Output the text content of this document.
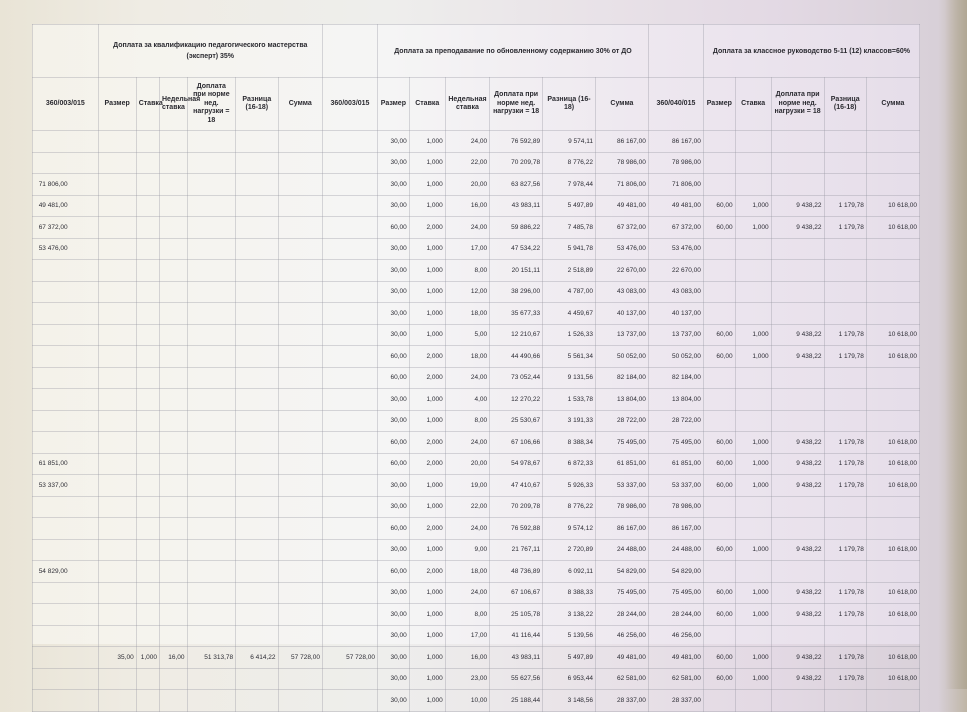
	Доплата за квалификацию педагогического мастерства (эксперт) 35%							Доплата за преподавание по обновленному содержанию 30% от ДО							Доплата за классное руководство 5-11 (12) классов=60%				
360/003/015	Размер	Ставка	Недельная ставка	Доплата при норме нед. нагрузки = 18	Разница (16-18)	Сумма	360/003/015	Размер	Ставка	Недельная ставка	Доплата при норме нед. нагрузки = 18	Разница (16-18)	Сумма	360/040/015	Размер	Ставка	Доплата при норме нед. нагрузки = 18	Разница (16-18)	Сумма
								30,00	1,000	24,00	76 592,89	9 574,11	86 167,00	86 167,00					
								30,00	1,000	22,00	70 209,78	8 776,22	78 986,00	78 986,00					
71 806,00								30,00	1,000	20,00	63 827,56	7 978,44	71 806,00	71 806,00					
49 481,00								30,00	1,000	16,00	43 983,11	5 497,89	49 481,00	49 481,00	60,00	1,000	9 438,22	1 179,78	10 618,00
67 372,00								60,00	2,000	24,00	59 886,22	7 485,78	67 372,00	67 372,00	60,00	1,000	9 438,22	1 179,78	10 618,00
53 476,00								30,00	1,000	17,00	47 534,22	5 941,78	53 476,00	53 476,00					
								30,00	1,000	8,00	20 151,11	2 518,89	22 670,00	22 670,00					
								30,00	1,000	12,00	38 296,00	4 787,00	43 083,00	43 083,00					
								30,00	1,000	18,00	35 677,33	4 459,67	40 137,00	40 137,00					
								30,00	1,000	5,00	12 210,67	1 526,33	13 737,00	13 737,00	60,00	1,000	9 438,22	1 179,78	10 618,00
								60,00	2,000	18,00	44 490,66	5 561,34	50 052,00	50 052,00	60,00	1,000	9 438,22	1 179,78	10 618,00
								60,00	2,000	24,00	73 052,44	9 131,56	82 184,00	82 184,00					
								30,00	1,000	4,00	12 270,22	1 533,78	13 804,00	13 804,00					
								30,00	1,000	8,00	25 530,67	3 191,33	28 722,00	28 722,00					
								60,00	2,000	24,00	67 106,66	8 388,34	75 495,00	75 495,00	60,00	1,000	9 438,22	1 179,78	10 618,00
61 851,00								60,00	2,000	20,00	54 978,67	6 872,33	61 851,00	61 851,00	60,00	1,000	9 438,22	1 179,78	10 618,00
53 337,00								30,00	1,000	19,00	47 410,67	5 926,33	53 337,00	53 337,00	60,00	1,000	9 438,22	1 179,78	10 618,00
								30,00	1,000	22,00	70 209,78	8 776,22	78 986,00	78 986,00					
								60,00	2,000	24,00	76 592,88	9 574,12	86 167,00	86 167,00					
								30,00	1,000	9,00	21 767,11	2 720,89	24 488,00	24 488,00	60,00	1,000	9 438,22	1 179,78	10 618,00
54 829,00								60,00	2,000	18,00	48 736,89	6 092,11	54 829,00	54 829,00					
								30,00	1,000	24,00	67 106,67	8 388,33	75 495,00	75 495,00	60,00	1,000	9 438,22	1 179,78	10 618,00
								30,00	1,000	8,00	25 105,78	3 138,22	28 244,00	28 244,00	60,00	1,000	9 438,22	1 179,78	10 618,00
								30,00	1,000	17,00	41 116,44	5 139,56	46 256,00	46 256,00					
	35,00	1,000	16,00	51 313,78	6 414,22	57 728,00	57 728,00	30,00	1,000	16,00	43 983,11	5 497,89	49 481,00	49 481,00	60,00	1,000	9 438,22	1 179,78	10 618,00
								30,00	1,000	23,00	55 627,56	6 953,44	62 581,00	62 581,00	60,00	1,000	9 438,22	1 179,78	10 618,00
								30,00	1,000	10,00	25 188,44	3 148,56	28 337,00	28 337,00					
